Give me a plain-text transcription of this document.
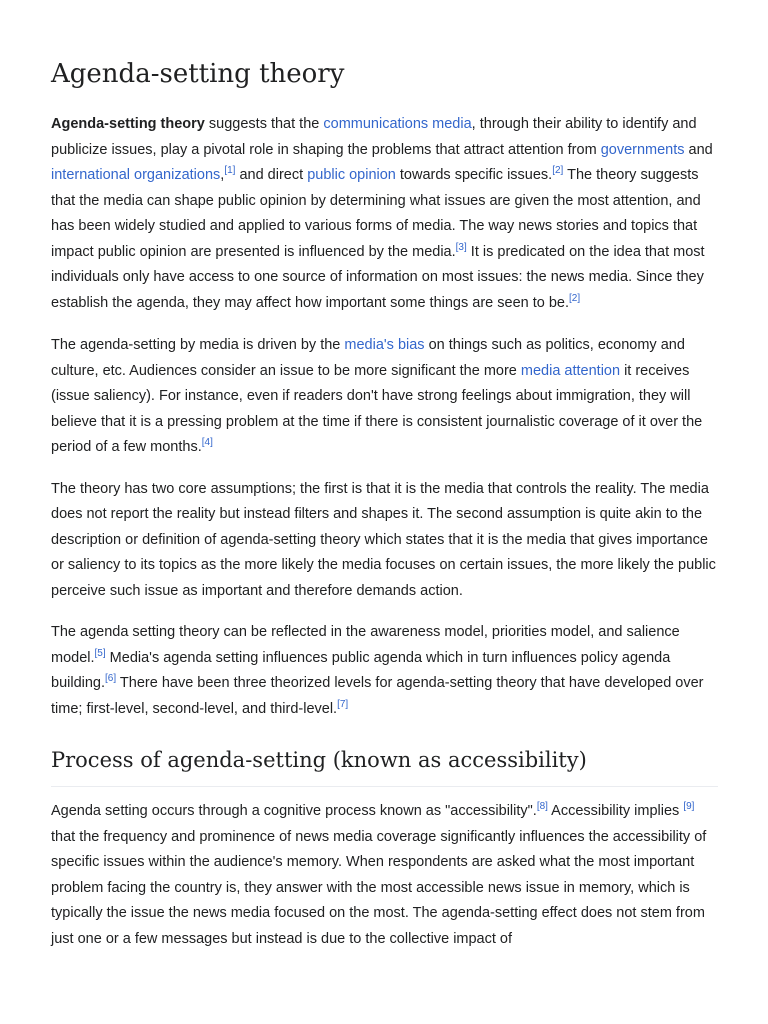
Agenda-setting theory

Agenda-setting theory suggests that the communications media, through their ability to identify and publicize issues, play a pivotal role in shaping the problems that attract attention from governments and international organizations,[1] and direct public opinion towards specific issues.[2] The theory suggests that the media can shape public opinion by determining what issues are given the most attention, and has been widely studied and applied to various forms of media. The way news stories and topics that impact public opinion are presented is influenced by the media.[3] It is predicated on the idea that most individuals only have access to one source of information on most issues: the news media. Since they establish the agenda, they may affect how important some things are seen to be.[2]

The agenda-setting by media is driven by the media's bias on things such as politics, economy and culture, etc. Audiences consider an issue to be more significant the more media attention it receives (issue saliency). For instance, even if readers don't have strong feelings about immigration, they will believe that it is a pressing problem at the time if there is consistent journalistic coverage of it over the period of a few months.[4]

The theory has two core assumptions; the first is that it is the media that controls the reality. The media does not report the reality but instead filters and shapes it. The second assumption is quite akin to the description or definition of agenda-setting theory which states that it is the media that gives importance or saliency to its topics as the more likely the media focuses on certain issues, the more likely the public perceive such issue as important and therefore demands action.

The agenda setting theory can be reflected in the awareness model, priorities model, and salience model.[5] Media's agenda setting influences public agenda which in turn influences policy agenda building.[6] There have been three theorized levels for agenda-setting theory that have developed over time; first-level, second-level, and third-level.[7]

Process of agenda-setting (known as accessibility)

Agenda setting occurs through a cognitive process known as "accessibility".[8] Accessibility implies [9] that the frequency and prominence of news media coverage significantly influences the accessibility of specific issues within the audience's memory. When respondents are asked what the most important problem facing the country is, they answer with the most accessible news issue in memory, which is typically the issue the news media focused on the most. The agenda-setting effect does not stem from just one or a few messages but instead is due to the collective impact of
